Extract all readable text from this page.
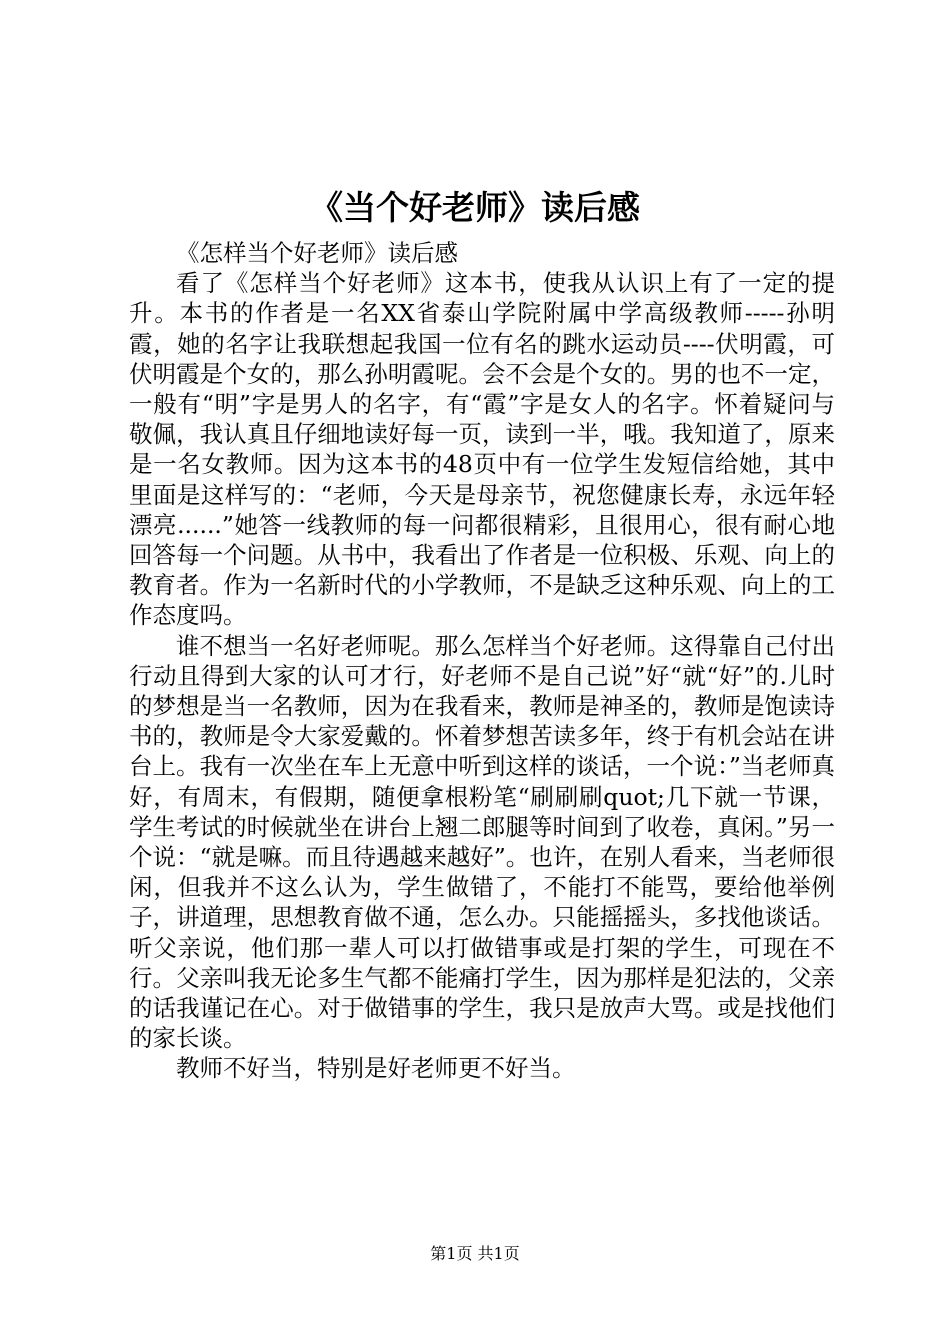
《当个好老师》读后感

《怎样当个好老师》读后感

看了《怎样当个好老师》这本书，使我从认识上有了一定的提升。本书的作者是一名XX省泰山学院附属中学高级教师-----孙明霞，她的名字让我联想起我国一位有名的跳水运动员----伏明霞，可伏明霞是个女的，那么孙明霞呢。会不会是个女的。男的也不一定，一般有“明”字是男人的名字，有“霞”字是女人的名字。怀着疑问与敬佩，我认真且仔细地读好每一页，读到一半，哦。我知道了，原来是一名女教师。因为这本书的48页中有一位学生发短信给她，其中里面是这样写的：“老师，今天是母亲节，祝您健康长寿，永远年轻漂亮......”她答一线教师的每一问都很精彩，且很用心，很有耐心地回答每一个问题。从书中，我看出了作者是一位积极、乐观、向上的教育者。作为一名新时代的小学教师，不是缺乏这种乐观、向上的工作态度吗。

谁不想当一名好老师呢。那么怎样当个好老师。这得靠自己付出行动且得到大家的认可才行，好老师不是自己说”好“就“好”的.儿时的梦想是当一名教师，因为在我看来，教师是神圣的，教师是饱读诗书的，教师是令大家爱戴的。怀着梦想苦读多年，终于有机会站在讲台上。我有一次坐在车上无意中听到这样的谈话，一个说：”当老师真好，有周末，有假期，随便拿根粉笔“刷刷刷quot;几下就一节课，学生考试的时候就坐在讲台上翘二郎腿等时间到了收卷，真闲。”另一个说：“就是嘛。而且待遇越来越好”。也许，在别人看来，当老师很闲，但我并不这么认为，学生做错了，不能打不能骂，要给他举例子，讲道理，思想教育做不通，怎么办。只能摇摇头，多找他谈话。听父亲说，他们那一辈人可以打做错事或是打架的学生，可现在不行。父亲叫我无论多生气都不能痛打学生，因为那样是犯法的，父亲的话我谨记在心。对于做错事的学生，我只是放声大骂。或是找他们的家长谈。

教师不好当，特别是好老师更不好当。

第1页 共1页
